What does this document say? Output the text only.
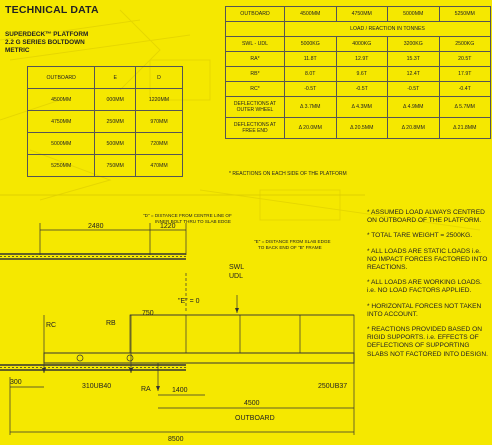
TECHNICAL DATA
SUPERDECK™ PLATFORM
2.2 G SERIES BOLTDOWN
METRIC
OUTBOARD	E	D
4500MM	000MM	1220MM
4750MM	250MM	970MM
5000MM	500MM	720MM
5250MM	750MM	470MM
OUTBOARD	4500MM	4750MM	5000MM	5250MM
	LOAD / REACTION IN TONNES			
SWL - UDL	5000KG	4000KG	3200KG	2500KG
RA*	11.8T	12.9T	15.3T	20.5T
RB*	8.0T	9.6T	12.4T	17.9T
RC*	-0.5T	-0.5T	-0.5T	-0.4T
DEFLECTIONS AT
OUTER WHEEL	Δ 3.7MM	Δ 4.3MM	Δ 4.9MM	Δ 5.7MM
DEFLECTIONS AT
FREE END	Δ 20.0MM	Δ 20.5MM	Δ 20.8MM	Δ 21.8MM
* REACTIONS ON EACH SIDE OF THE PLATFORM
2480	1220
"D" = DISTANCE FROM CENTRE LINE OF
INNER BOLT THRU TO SLAB EDGE
"E" = DISTANCE FROM SLAB EDGE
TO BACK END OF "B" FRAME
"E" = 0
SWL
UDL
750
RC	RB
RA
300
310UB40
1400
4500
250UB37
OUTBOARD
8500

* ASSUMED LOAD ALWAYS CENTRED ON OUTBOARD OF THE PLATFORM.

* TOTAL TARE WEIGHT = 2500KG.

* ALL LOADS ARE STATIC LOADS i.e. NO IMPACT FORCES FACTORED INTO REACTIONS.

* ALL LOADS ARE WORKING LOADS. i.e. NO LOAD FACTORS APPLIED.

* HORIZONTAL FORCES NOT TAKEN INTO ACCOUNT.

* REACTIONS PROVIDED BASED ON RIGID SUPPORTS. i.e. EFFECTS OF DEFLECTIONS OF SUPPORTING SLABS NOT FACTORED INTO DESIGN.
